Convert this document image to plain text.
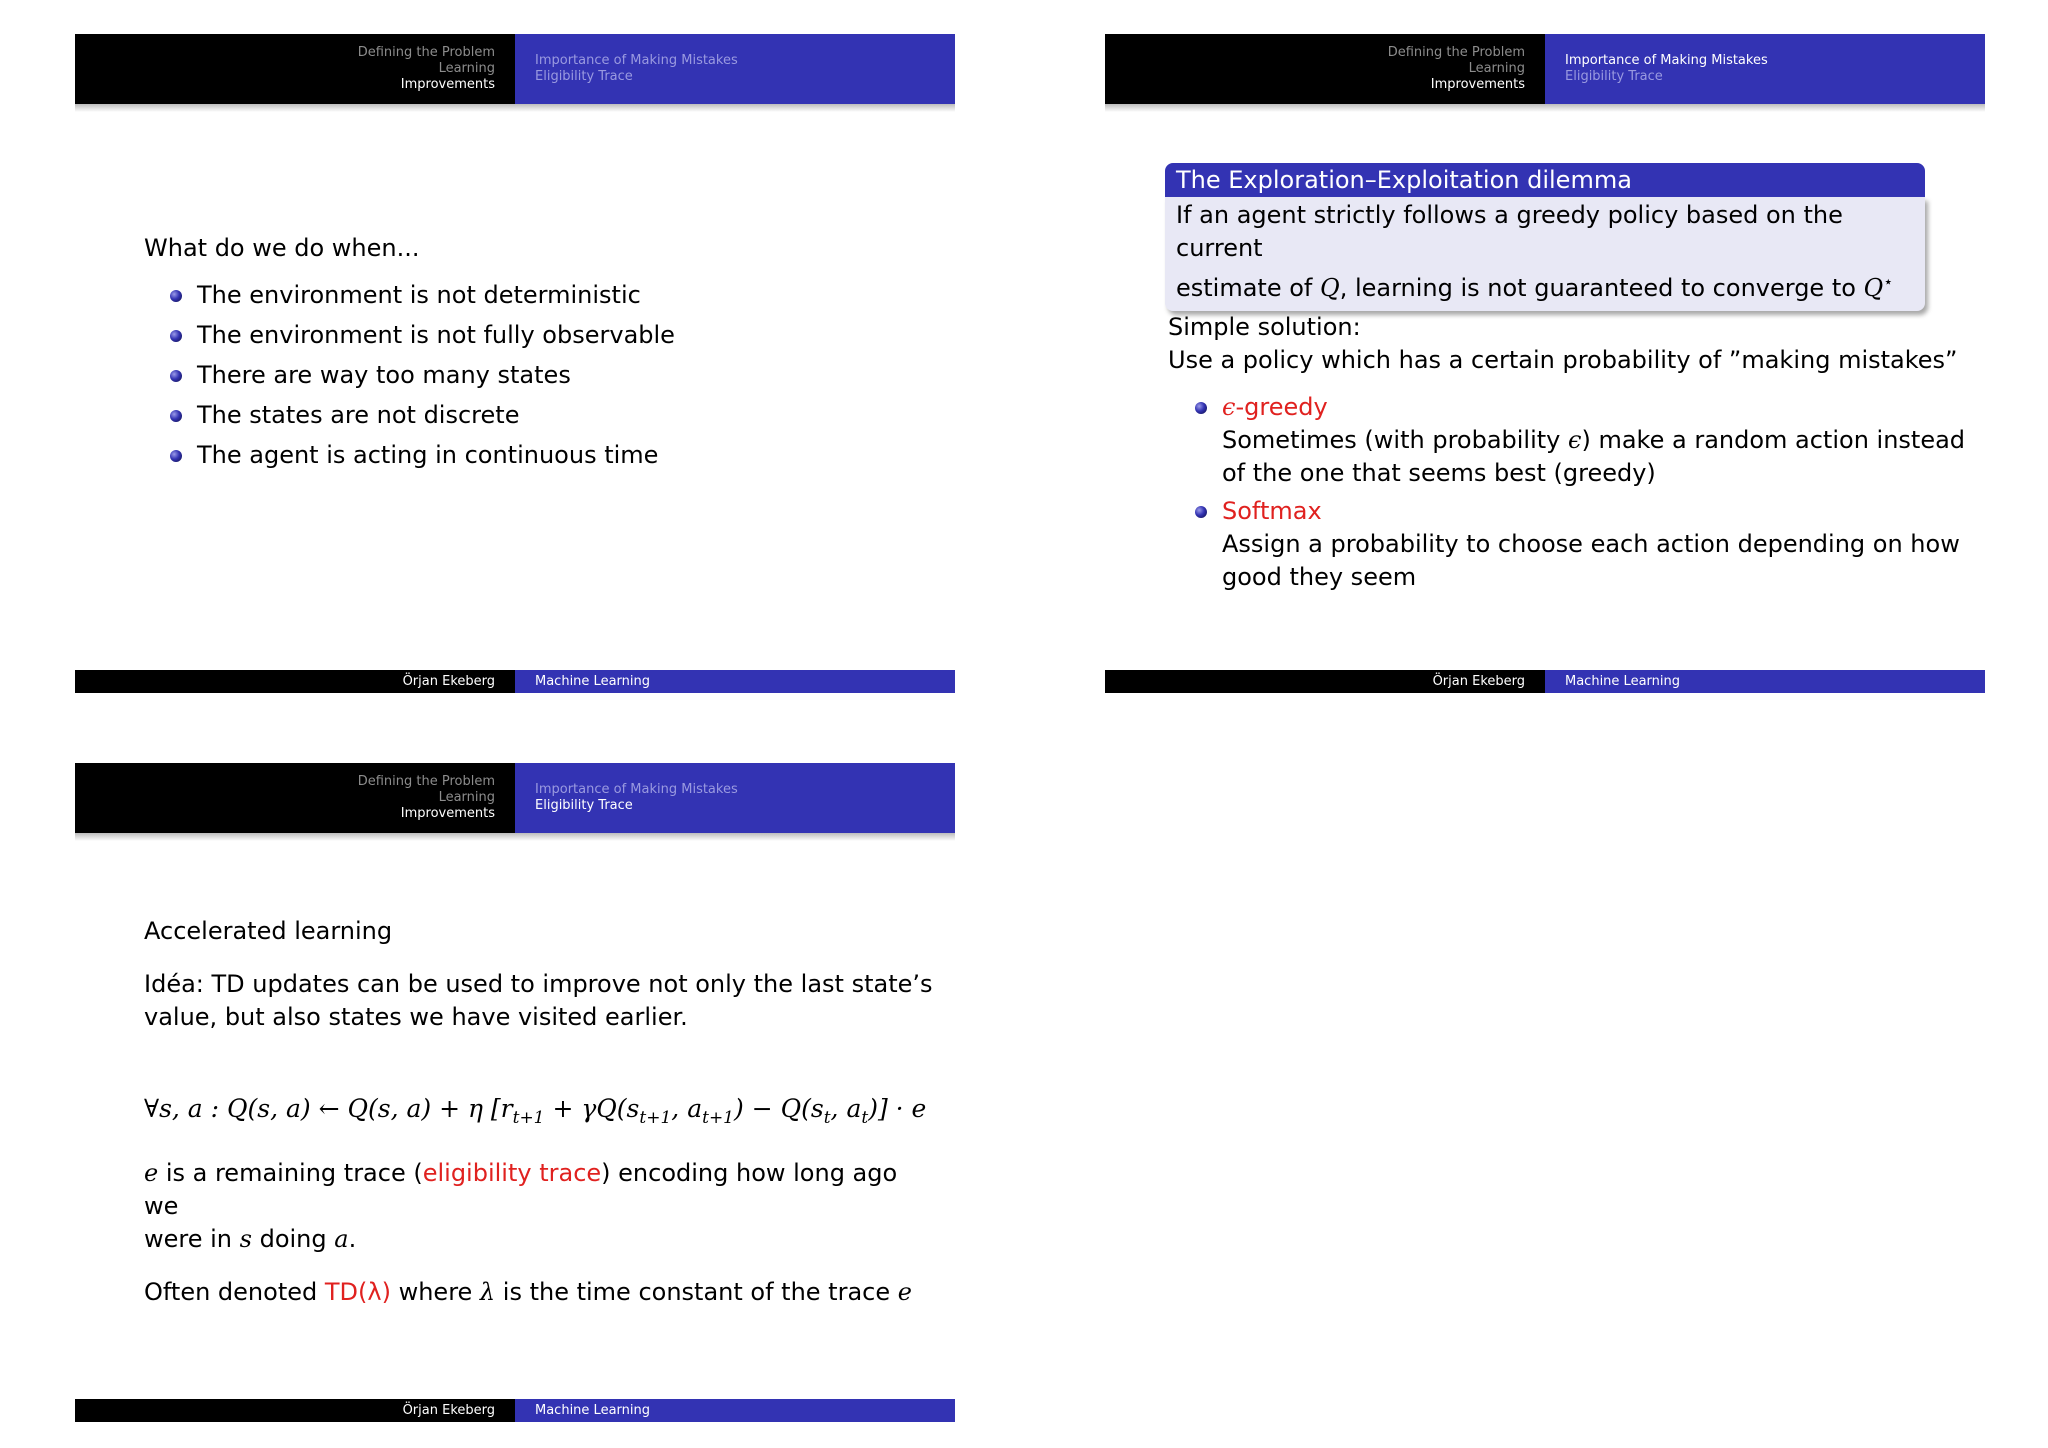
Defining the Problem
Learning
Improvements
Importance of Making Mistakes
Eligibility Trace
What do we do when...
The environment is not deterministic
The environment is not fully observable
There are way too many states
The states are not discrete
The agent is acting in continuous time
Örjan Ekeberg	Machine Learning
Defining the Problem
Learning
Improvements
Importance of Making Mistakes
Eligibility Trace
Örjan Ekeberg	Machine Learning
The Exploration–Exploitation dilemma
If an agent strictly follows a greedy policy based on the current
estimate of Q, learning is not guaranteed to converge to Q⋆
Simple solution:
Use a policy which has a certain probability of ”making mistakes”
ϵ-greedy
Sometimes (with probability ϵ) make a random action instead
of the one that seems best (greedy)
Softmax
Assign a probability to choose each action depending on how
good they seem
Defining the Problem
Learning
Improvements
Importance of Making Mistakes
Eligibility Trace
Accelerated learning
Idéa: TD updates can be used to improve not only the last state’s
value, but also states we have visited earlier.
∀s, a : Q(s, a) ← Q(s, a) + η [$r_{t+1} + \gamma Q(s_{t+1}$, $a_{t+1}) - Q(s_t$, $a_t)] \cdot e$
e is a remaining trace (eligibility trace) encoding how long ago we
were in s doing a.
Often denoted TD(λ) where λ is the time constant of the trace e
Örjan Ekeberg	Machine Learning
